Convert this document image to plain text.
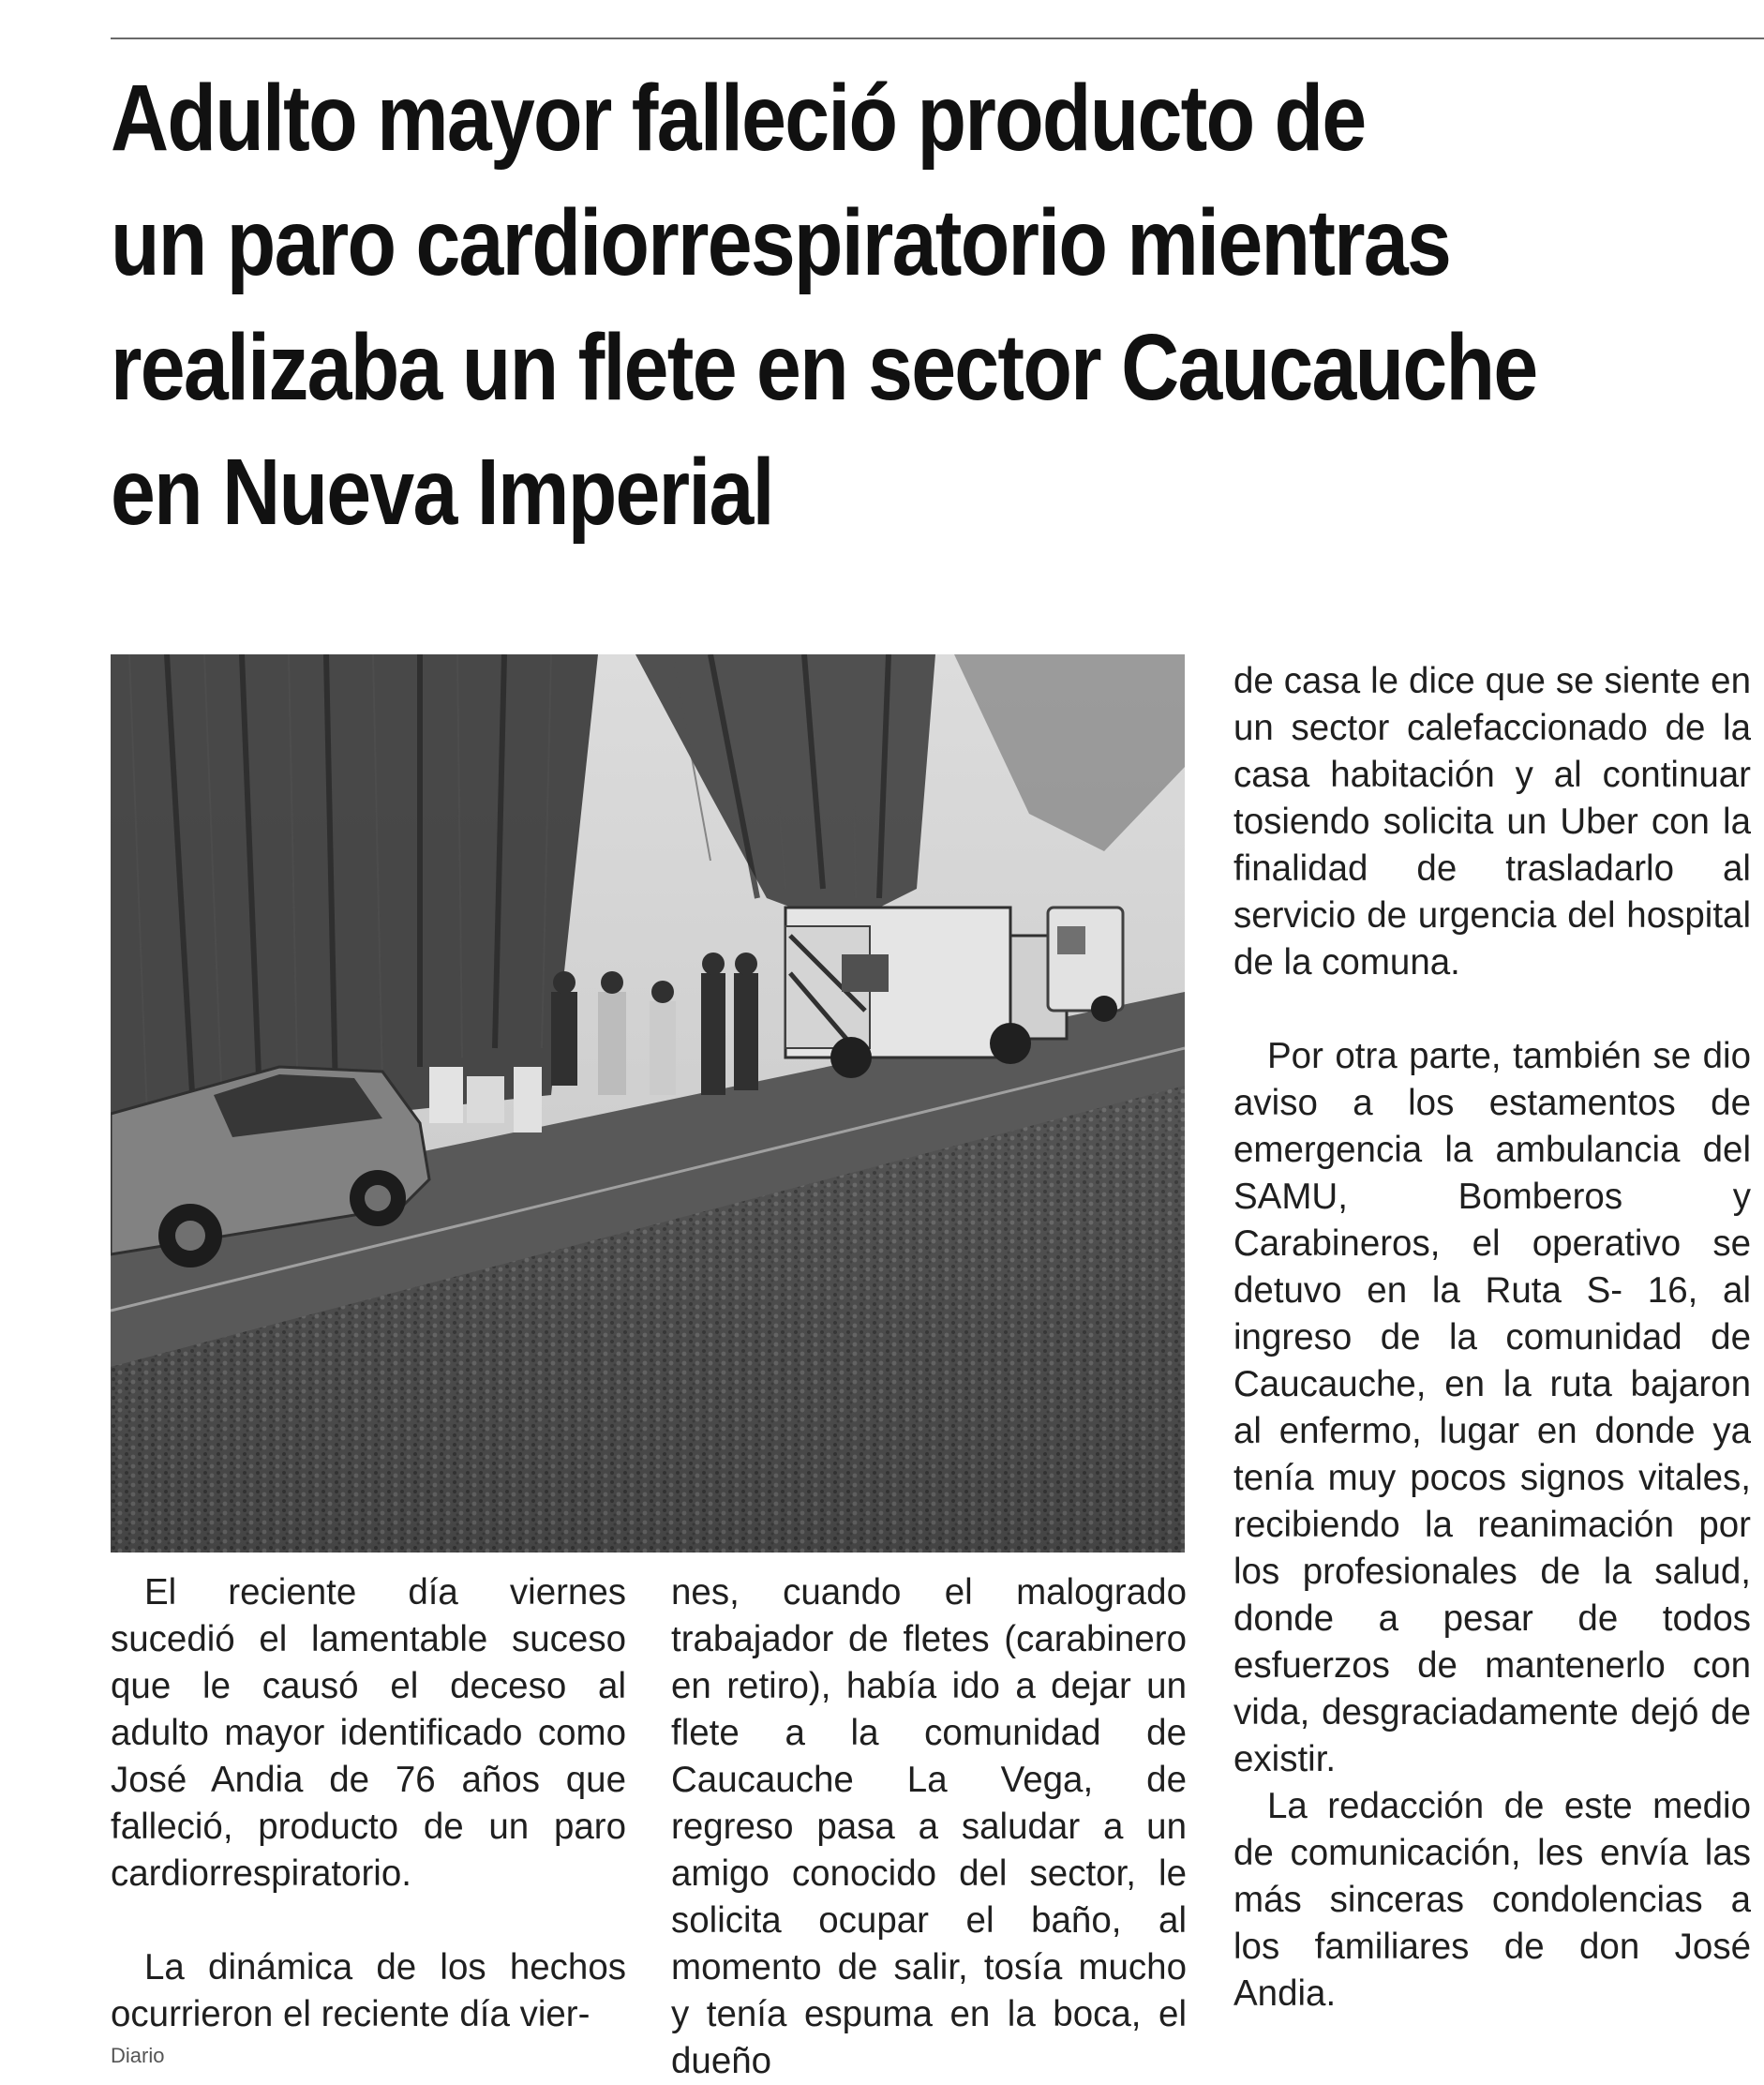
Adulto mayor falleció producto de
un paro cardiorrespiratorio mientras
realizaba un flete en sector Caucauche
en Nueva Imperial

El reciente día viernes sucedió el lamentable suceso que le causó el deceso al adulto mayor identificado como José Andia de 76 años que falleció, producto de un paro cardiorrespiratorio.

La dinámica de los hechos ocurrieron el reciente día vier-

nes, cuando el malogrado trabajador de fletes (carabinero en retiro), había ido a dejar un flete a la comunidad de Caucauche La Vega, de regreso pasa a saludar a un amigo conocido del sector, le solicita ocupar el baño, al momento de salir, tosía mucho y tenía espuma en la boca, el dueño

de casa le dice que se siente en un sector calefaccionado de la casa habitación y al continuar tosiendo solicita un Uber con la finalidad de trasladarlo al servicio de urgencia del hospital de la comuna.

Por otra parte, también se dio aviso a los estamentos de emergencia la ambulancia del SAMU, Bomberos y Carabineros, el operativo se detuvo en la Ruta S- 16, al ingreso de la comunidad de Caucauche, en la ruta bajaron al enfermo, lugar en donde ya tenía muy pocos signos vitales, recibiendo la reanimación por los profesionales de la salud, donde a pesar de todos esfuerzos de mantenerlo con vida, desgraciadamente dejó de existir.

La redacción de este medio de comunicación, les envía las más sinceras condolencias a los familiares de don José Andia.

Diario
